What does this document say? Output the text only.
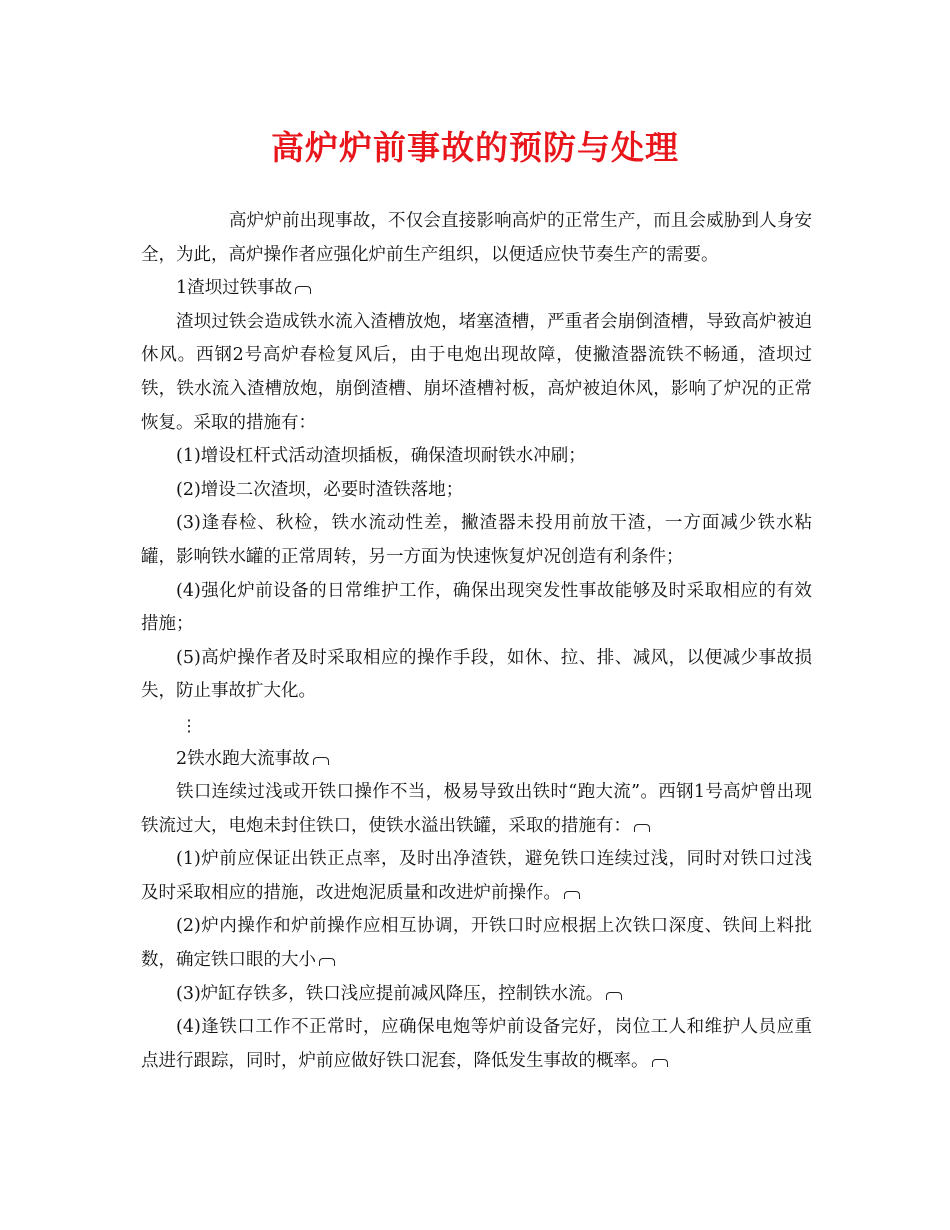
高炉炉前事故的预防与处理

高炉炉前出现事故，不仅会直接影响高炉的正常生产，而且会威胁到人身安全，为此，高炉操作者应强化炉前生产组织，以便适应快节奏生产的需要。

1渣坝过铁事故

渣坝过铁会造成铁水流入渣槽放炮，堵塞渣槽，严重者会崩倒渣槽，导致高炉被迫休风。西钢2号高炉春检复风后，由于电炮出现故障，使撇渣器流铁不畅通，渣坝过铁，铁水流入渣槽放炮，崩倒渣槽、崩坏渣槽衬板，高炉被迫休风，影响了炉况的正常恢复。采取的措施有：

(1)增设杠杆式活动渣坝插板，确保渣坝耐铁水冲刷；

(2)增设二次渣坝，必要时渣铁落地；

(3)逢春检、秋检，铁水流动性差，撇渣器未投用前放干渣，一方面减少铁水粘罐，影响铁水罐的正常周转，另一方面为快速恢复炉况创造有利条件；

(4)强化炉前设备的日常维护工作，确保出现突发性事故能够及时采取相应的有效措施；

(5)高炉操作者及时采取相应的操作手段，如休、拉、排、减风，以便减少事故损失，防止事故扩大化。

⋮

2铁水跑大流事故

铁口连续过浅或开铁口操作不当，极易导致出铁时“跑大流”。西钢1号高炉曾出现铁流过大，电炮未封住铁口，使铁水溢出铁罐，采取的措施有：

(1)炉前应保证出铁正点率，及时出净渣铁，避免铁口连续过浅，同时对铁口过浅及时采取相应的措施，改进炮泥质量和改进炉前操作。

(2)炉内操作和炉前操作应相互协调，开铁口时应根据上次铁口深度、铁间上料批数，确定铁口眼的大小

(3)炉缸存铁多，铁口浅应提前减风降压，控制铁水流。

(4)逢铁口工作不正常时，应确保电炮等炉前设备完好，岗位工人和维护人员应重点进行跟踪，同时，炉前应做好铁口泥套，降低发生事故的概率。
